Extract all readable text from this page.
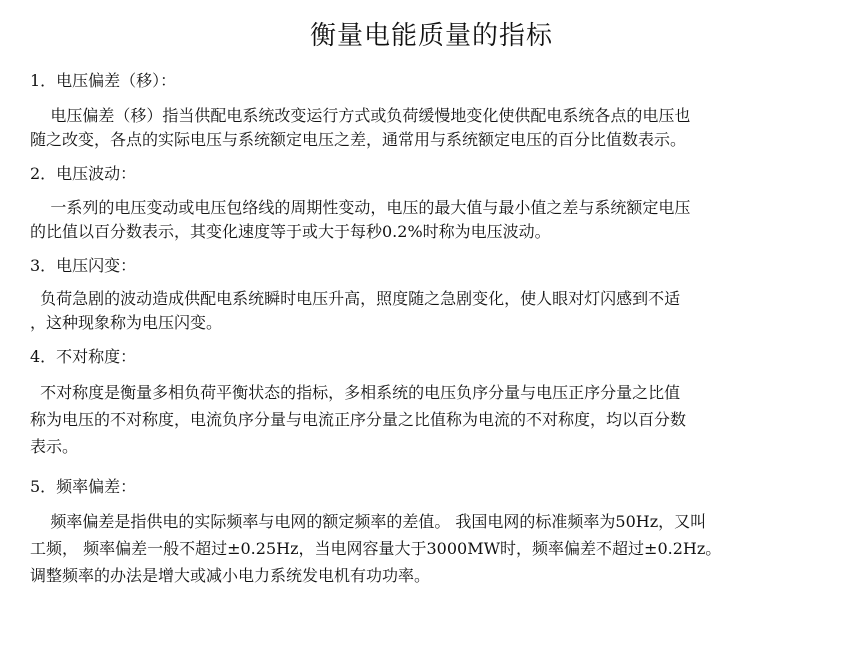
衡量电能质量的指标
1．电压偏差（移）：
电压偏差（移）指当供配电系统改变运行方式或负荷缓慢地变化使供配电系统各点的电压也
随之改变，各点的实际电压与系统额定电压之差，通常用与系统额定电压的百分比值数表示。
2．电压波动：
一系列的电压变动或电压包络线的周期性变动，电压的最大值与最小值之差与系统额定电压
的比值以百分数表示，其变化速度等于或大于每秒0.2%时称为电压波动。
3．电压闪变：
负荷急剧的波动造成供配电系统瞬时电压升高，照度随之急剧变化，使人眼对灯闪感到不适
，这种现象称为电压闪变。
4．不对称度：
不对称度是衡量多相负荷平衡状态的指标，多相系统的电压负序分量与电压正序分量之比值
称为电压的不对称度，电流负序分量与电流正序分量之比值称为电流的不对称度，均以百分数
表示。
5．频率偏差：
频率偏差是指供电的实际频率与电网的额定频率的差值。 我国电网的标准频率为50Hz，又叫
工频， 频率偏差一般不超过±0.25Hz，当电网容量大于3000MW时，频率偏差不超过±0.2Hz。
调整频率的办法是增大或减小电力系统发电机有功功率。
